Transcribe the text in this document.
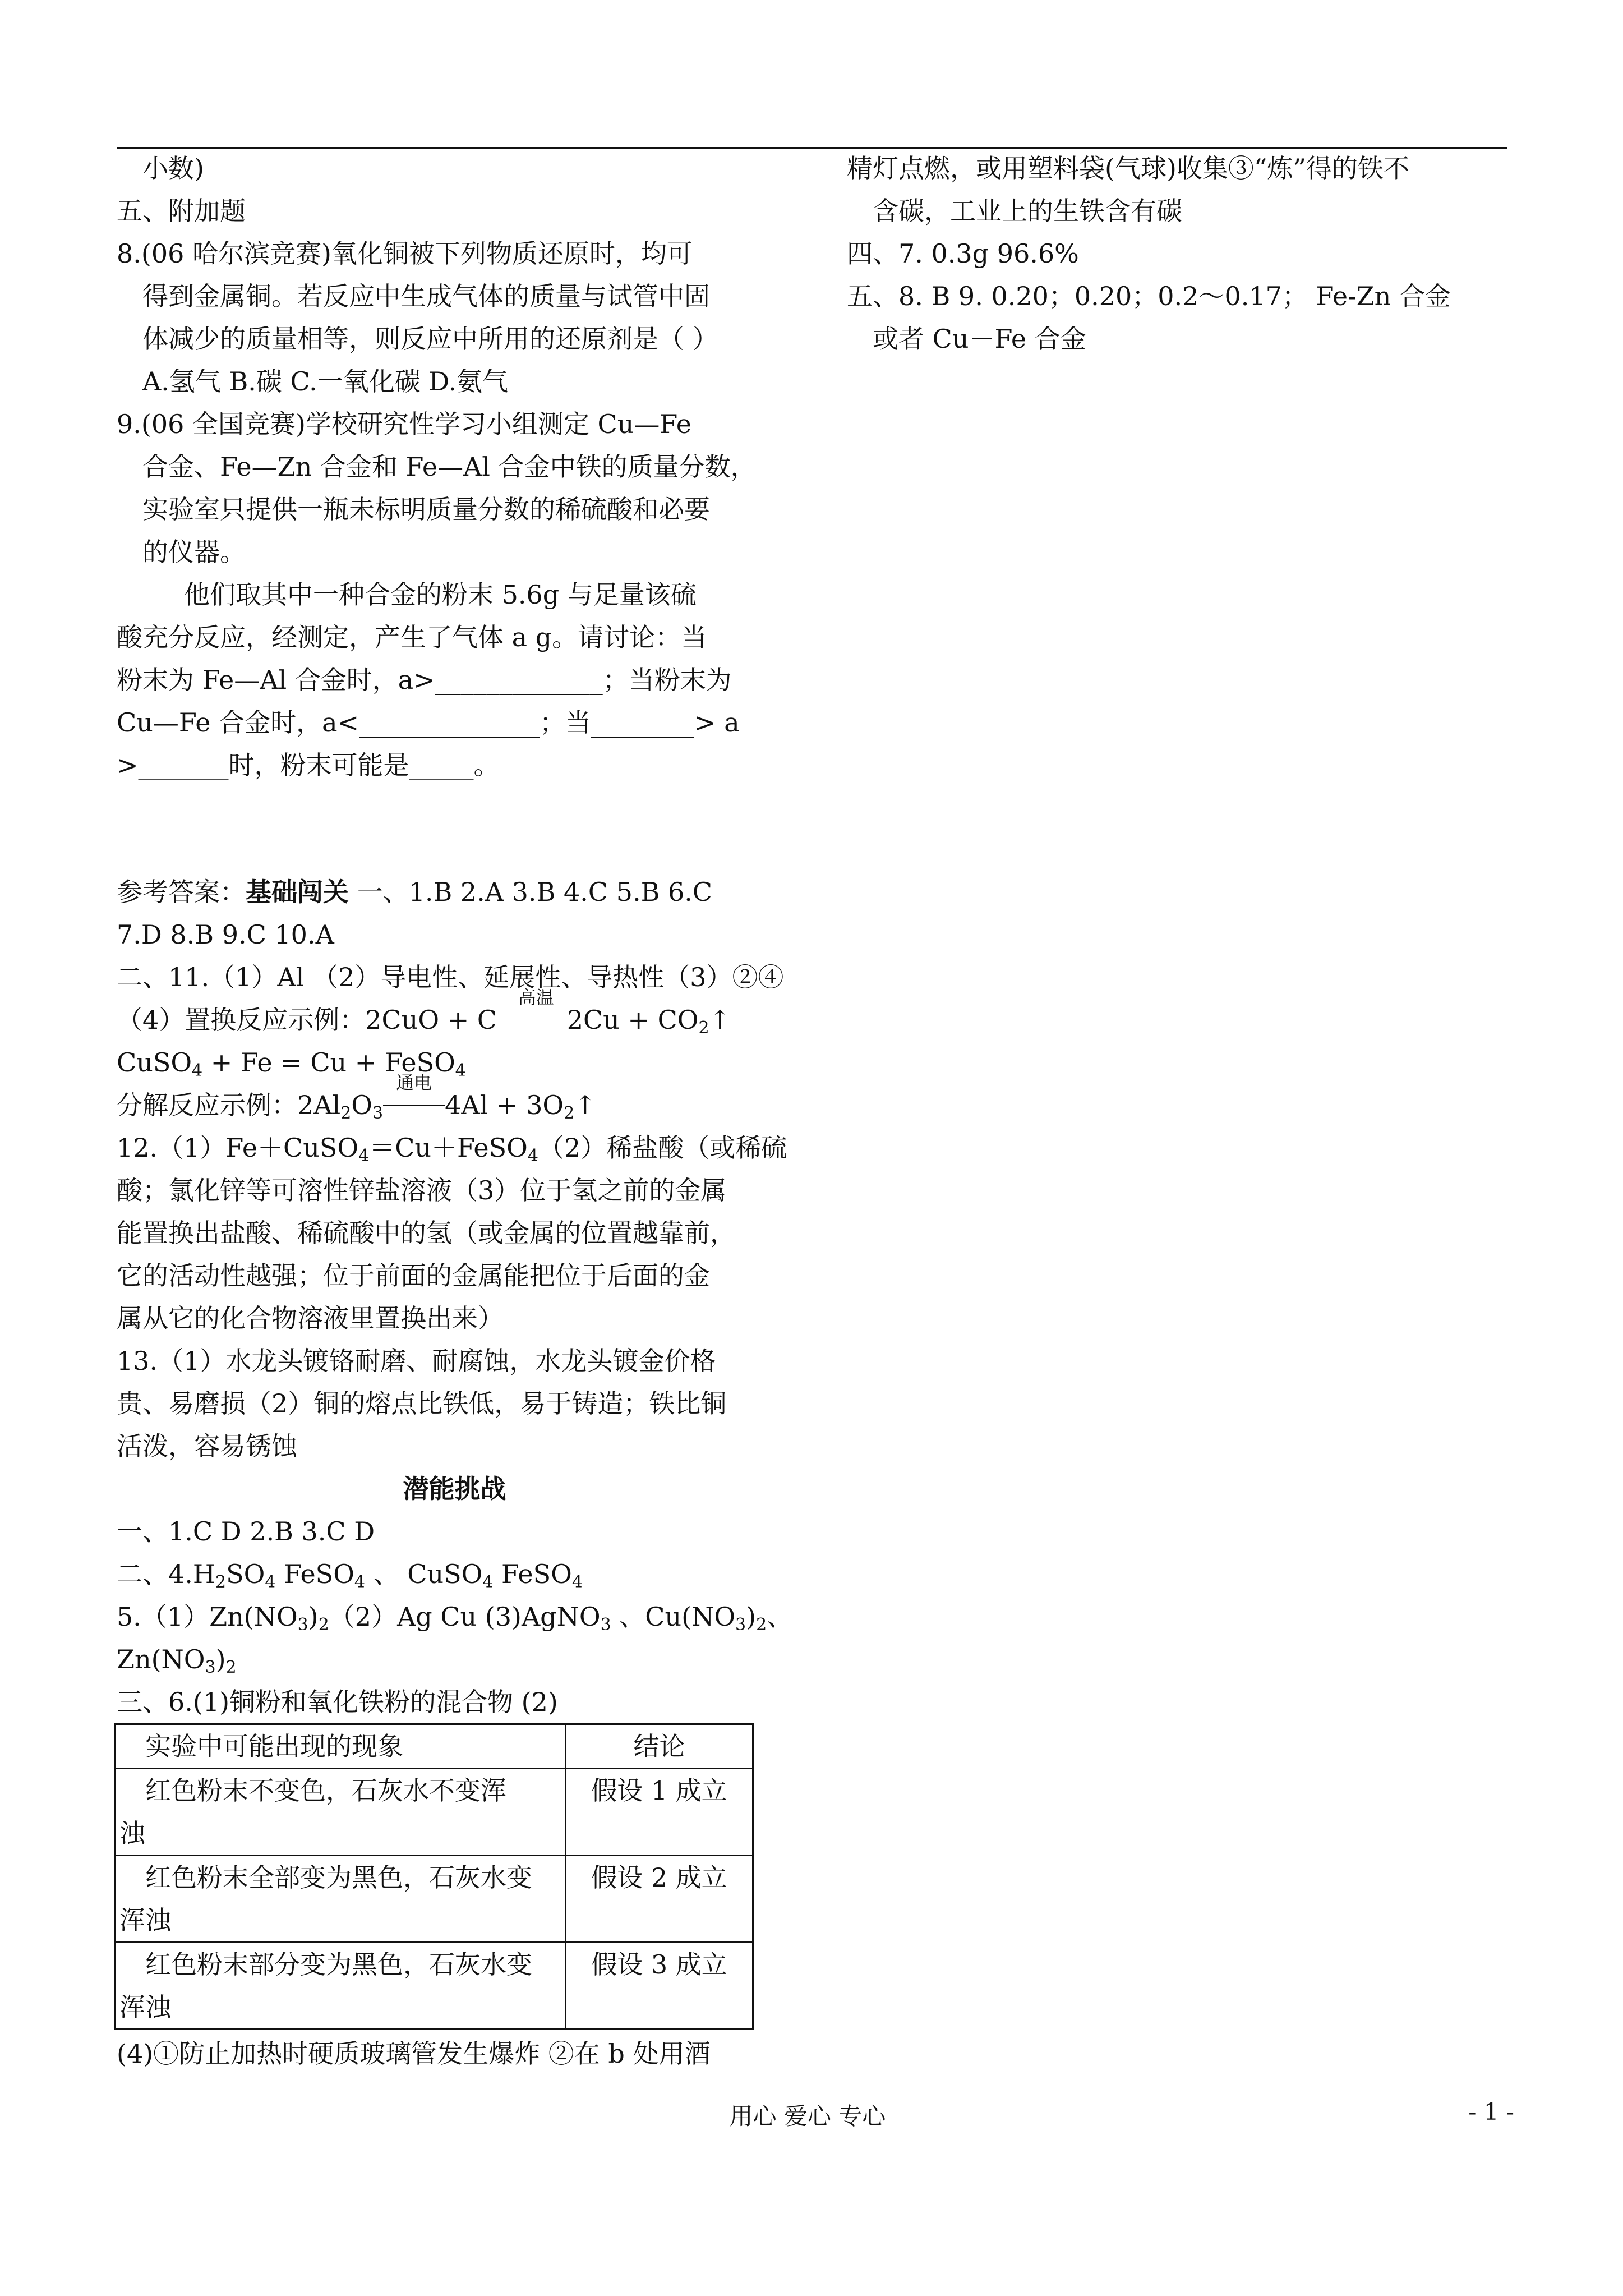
小数)
五、附加题
8.(06 哈尔滨竞赛)氧化铜被下列物质还原时，均可
得到金属铜。若反应中生成气体的质量与试管中固
体减少的质量相等，则反应中所用的还原剂是（ ）
A.氢气 B.碳 C.一氧化碳 D.氨气
9.(06 全国竞赛)学校研究性学习小组测定 Cu—Fe
合金、Fe—Zn 合金和 Fe—Al 合金中铁的质量分数，
实验室只提供一瓶未标明质量分数的稀硫酸和必要
的仪器。
他们取其中一种合金的粉末 5.6g 与足量该硫
酸充分反应，经测定，产生了气体 a g。请讨论：当
粉末为 Fe—Al 合金时，a>_____________；当粉末为
Cu—Fe 合金时，a<______________；当________> a
>_______时，粉末可能是_____。
参考答案：基础闯关 一、1.B 2.A 3.B 4.C 5.B 6.C
7.D 8.B 9.C 10.A
二、11.（1）Al （2）导电性、延展性、导热性（3）②④
（4）置换反应示例：2CuO + C
高温
$2Cu + CO_2↑$
CuSO$_4$ + Fe = Cu + FeSO$_4$
分解反应示例：$2Al_2O_3$
通电
$4Al + 3O_2↑$
12.（1）Fe＋CuSO$_4$＝Cu＋FeSO$_4$（2）稀盐酸（或稀硫
酸；氯化锌等可溶性锌盐溶液（3）位于氢之前的金属
能置换出盐酸、稀硫酸中的氢（或金属的位置越靠前，
它的活动性越强；位于前面的金属能把位于后面的金
属从它的化合物溶液里置换出来）
13.（1）水龙头镀铬耐磨、耐腐蚀，水龙头镀金价格
贵、易磨损（2）铜的熔点比铁低，易于铸造；铁比铜
活泼，容易锈蚀
潜能挑战
一、1.C D 2.B 3.C D
二、$4.H_2SO_4$ FeSO$_4$ 、 CuSO$_4$ FeSO$_4$
$5.(1)Zn(NO_3)_2(2)Ag$ Cu (3)AgNO$_3$ 、$Cu(NO_3)_2$、
$Zn(NO_3)_2$
三、6.(1)铜粉和氧化铁粉的混合物 (2)
实验中可能出现的现象	结论

红色粉末不变色，石灰水不变浑
浊	假设 1 成立

红色粉末全部变为黑色，石灰水变
浑浊	假设 2 成立

红色粉末部分变为黑色，石灰水变
浑浊	假设 3 成立
(4)①防止加热时硬质玻璃管发生爆炸 ②在 b 处用酒
精灯点燃，或用塑料袋(气球)收集③“炼”得的铁不
含碳，工业上的生铁含有碳
四、7. 0.3g 96.6%
五、8. B 9. 0.20；0.20；0.2～0.17； Fe-Zn 合金
或者 Cu－Fe 合金
用心 爱心 专心	- 1 -
